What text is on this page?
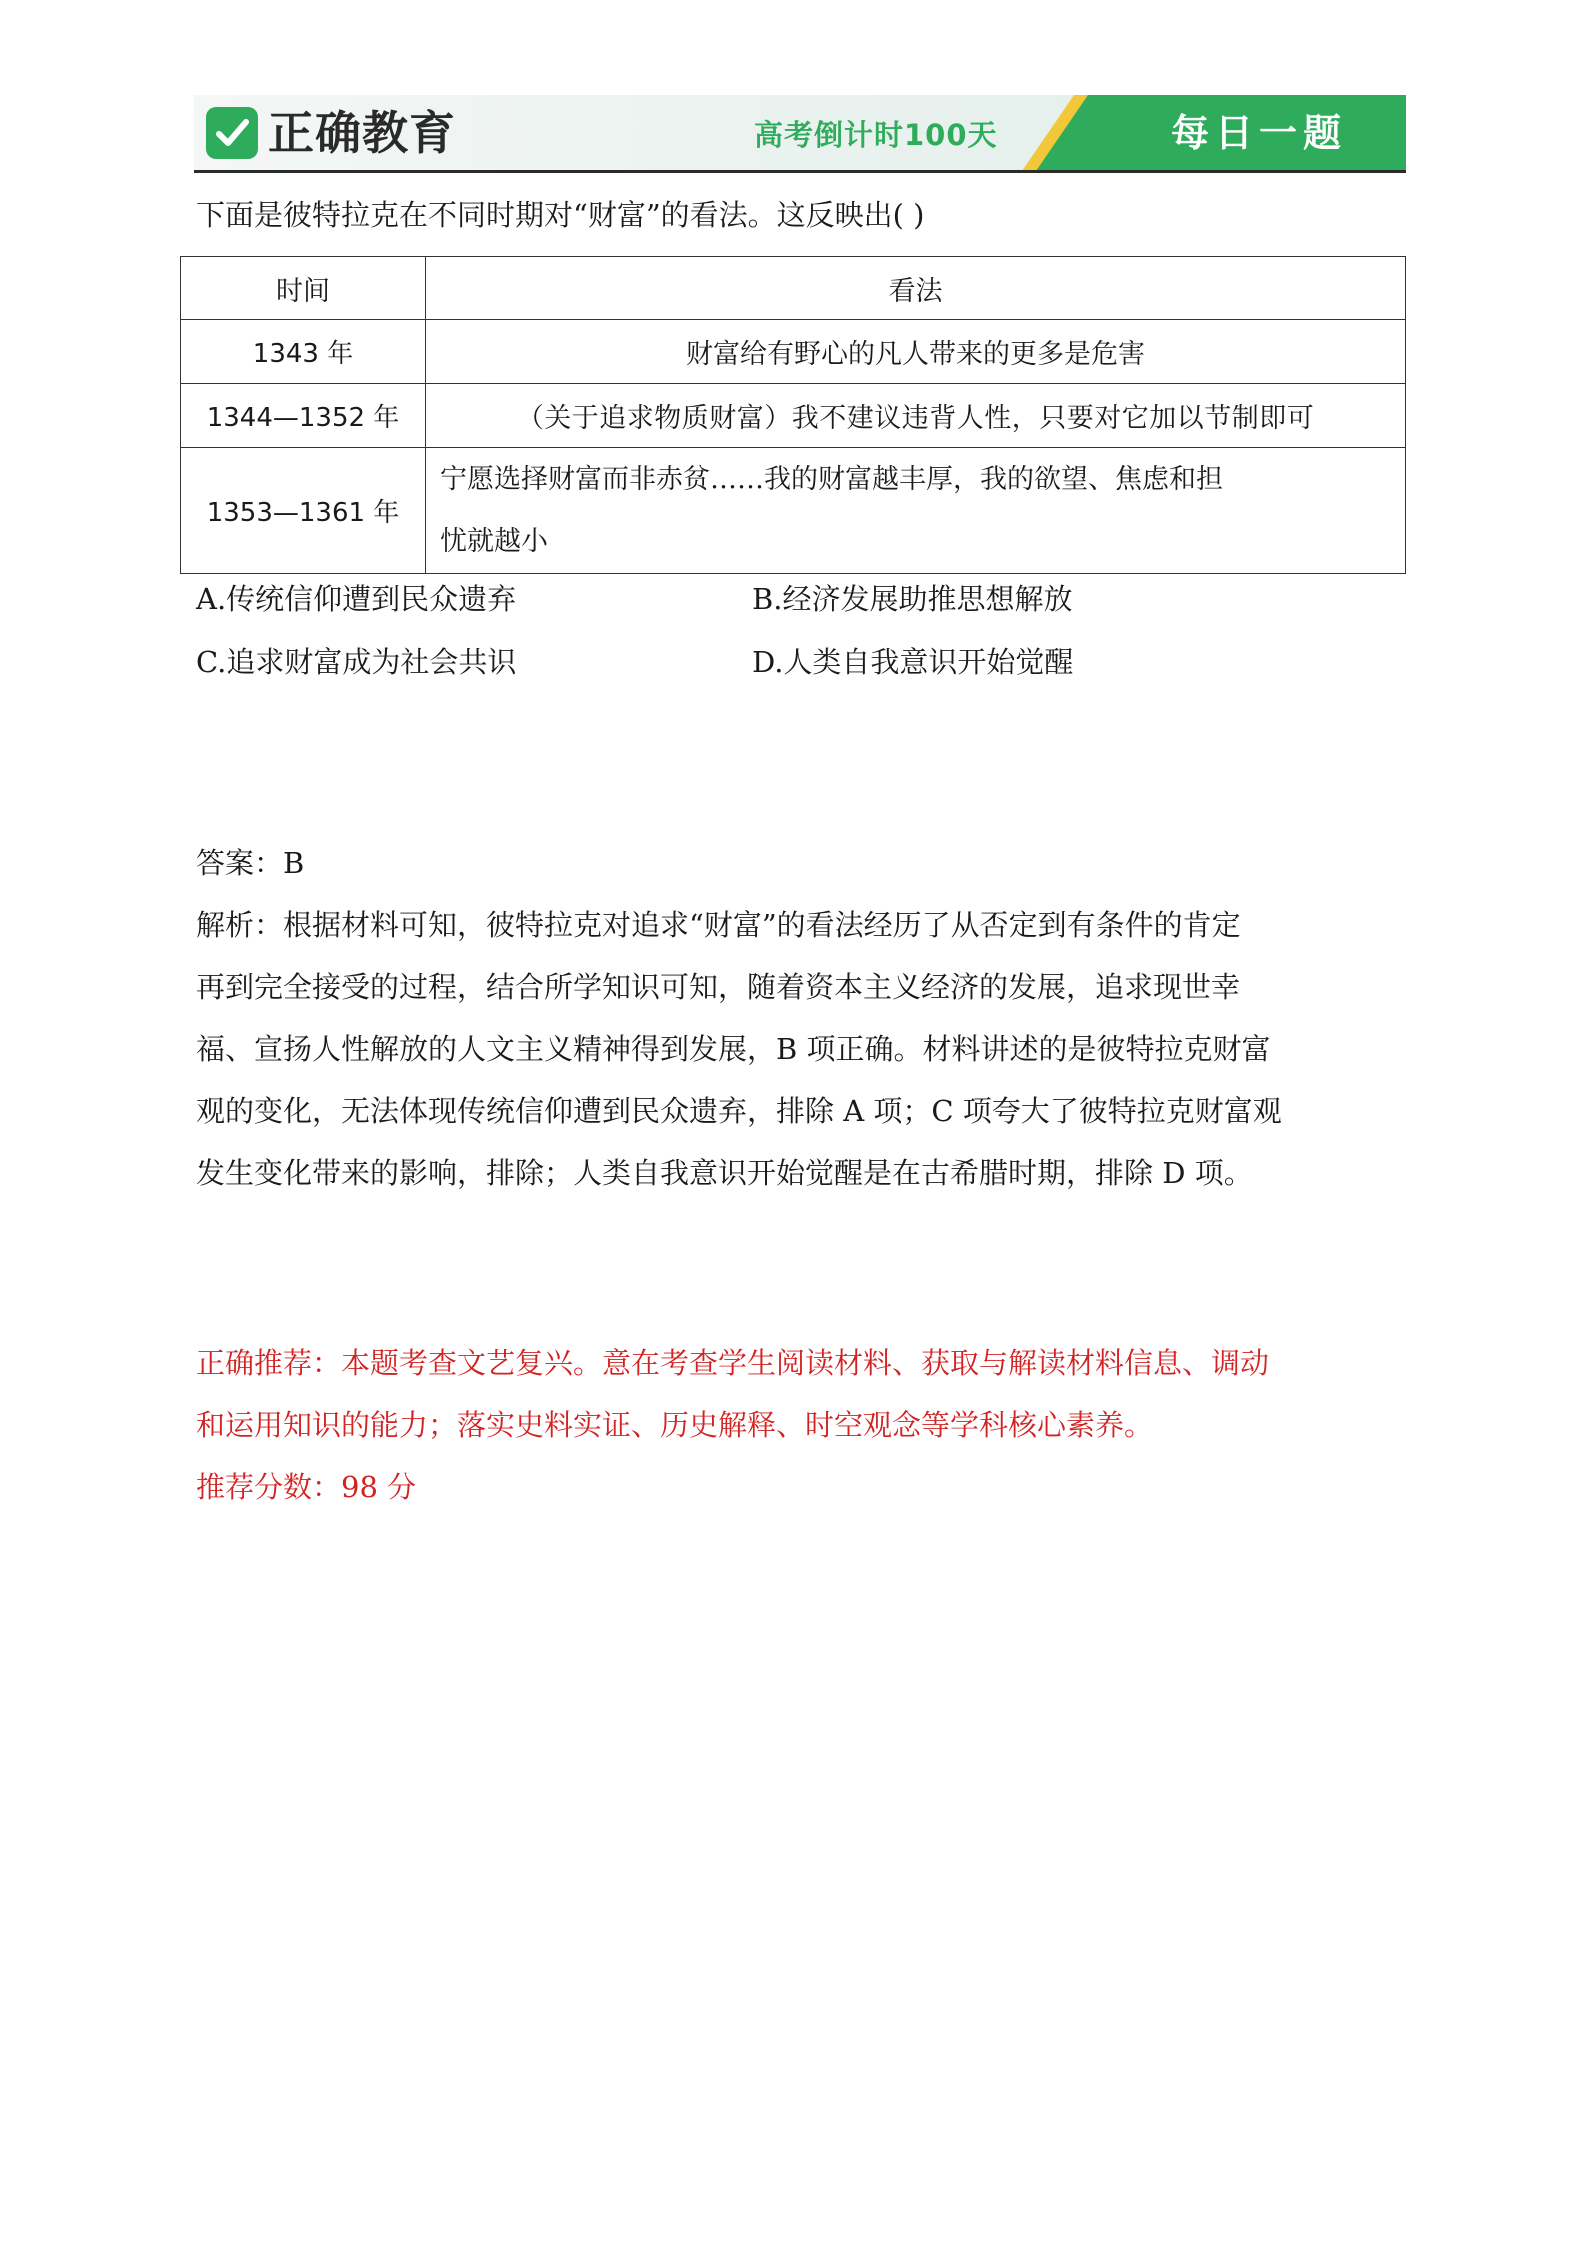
正确教育	高考倒计时100天	每日一题
下面是彼特拉克在不同时期对“财富”的看法。这反映出( )
时间	看法
1343 年	财富给有野心的凡人带来的更多是危害
1344—1352 年	（关于追求物质财富）我不建议违背人性，只要对它加以节制即可
1353—1361 年	宁愿选择财富而非赤贫……我的财富越丰厚，我的欲望、焦虑和担
忧就越小
A.传统信仰遭到民众遗弃	B.经济发展助推思想解放
C.追求财富成为社会共识	D.人类自我意识开始觉醒

答案：B

解析：根据材料可知，彼特拉克对追求“财富”的看法经历了从否定到有条件的肯定

再到完全接受的过程，结合所学知识可知，随着资本主义经济的发展，追求现世幸

福、宣扬人性解放的人文主义精神得到发展，B 项正确。材料讲述的是彼特拉克财富

观的变化，无法体现传统信仰遭到民众遗弃，排除 A 项；C 项夸大了彼特拉克财富观

发生变化带来的影响，排除；人类自我意识开始觉醒是在古希腊时期，排除 D 项。

正确推荐：本题考查文艺复兴。意在考查学生阅读材料、获取与解读材料信息、调动

和运用知识的能力；落实史料实证、历史解释、时空观念等学科核心素养。

推荐分数：98 分
